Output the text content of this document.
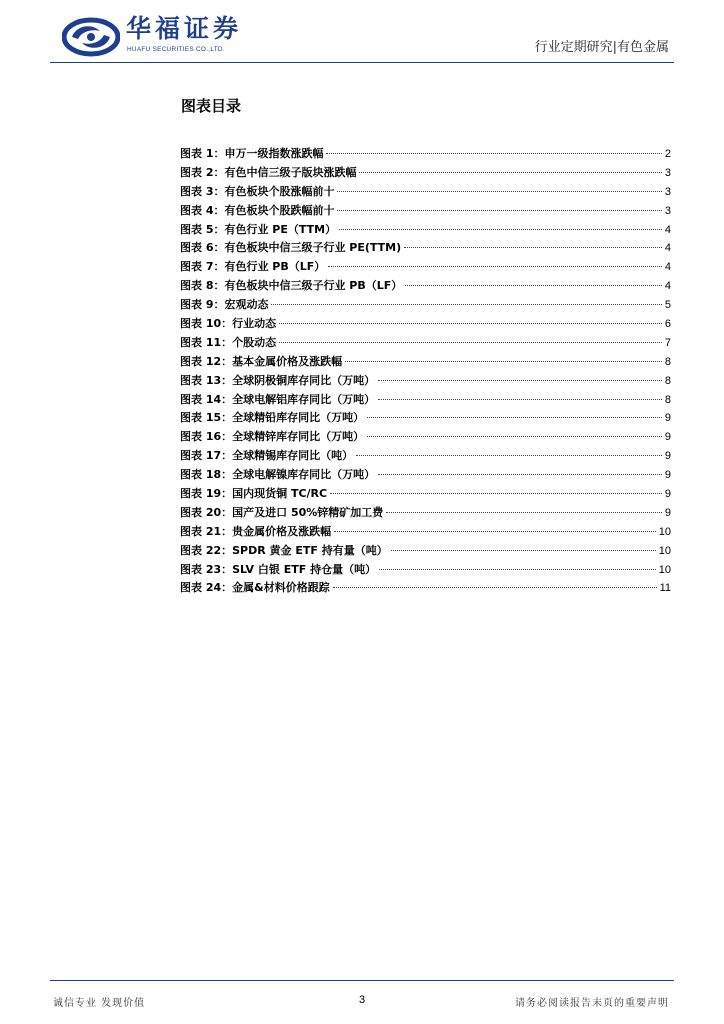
华福证券
HUAFU SECURITIES CO.,LTD.	行业定期研究|有色金属
图表目录
图表 1：申万一级指数涨跌幅	2
图表 2：有色中信三级子版块涨跌幅	3
图表 3：有色板块个股涨幅前十	3
图表 4：有色板块个股跌幅前十	3
图表 5：有色行业 PE（TTM）	4
图表 6：有色板块中信三级子行业 PE(TTM)	4
图表 7：有色行业 PB（LF）	4
图表 8：有色板块中信三级子行业 PB（LF）	4
图表 9：宏观动态	5
图表 10：行业动态	6
图表 11：个股动态	7
图表 12：基本金属价格及涨跌幅	8
图表 13：全球阴极铜库存同比（万吨）	8
图表 14：全球电解铝库存同比（万吨）	8
图表 15：全球精铅库存同比（万吨）	9
图表 16：全球精锌库存同比（万吨）	9
图表 17：全球精锡库存同比（吨）	9
图表 18：全球电解镍库存同比（万吨）	9
图表 19：国内现货铜 TC/RC	9
图表 20：国产及进口 50%锌精矿加工费	9
图表 21：贵金属价格及涨跌幅	10
图表 22：SPDR 黄金 ETF 持有量（吨）	10
图表 23：SLV 白银 ETF 持仓量（吨）	10
图表 24：金属&材料价格跟踪	11
诚信专业 发现价值	3	请务必阅读报告末页的重要声明
